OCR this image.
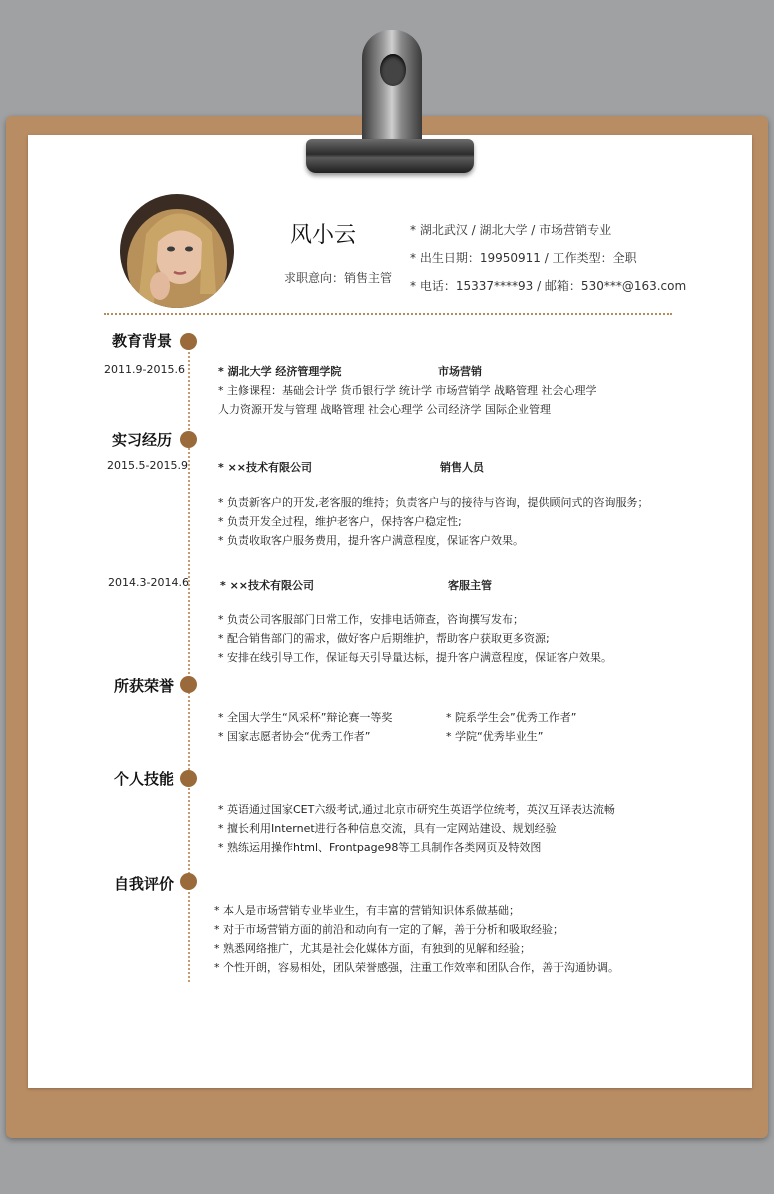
风小云
求职意向：销售主管
* 湖北武汉 / 湖北大学 / 市场营销专业
* 出生日期：19950911 / 工作类型：全职
* 电话：15337****93 / 邮箱：530***@163.com
教育背景
2011.9-2015.6	* 湖北大学 经济管理学院	市场营销
* 主修课程：基础会计学 货币银行学 统计学 市场营销学 战略管理 社会心理学
人力资源开发与管理 战略管理 社会心理学 公司经济学 国际企业管理
实习经历
2015.5-2015.9	* ××技术有限公司	销售人员
* 负责新客户的开发,老客服的维持；负责客户与的接待与咨询，提供顾问式的咨询服务；
* 负责开发全过程，维护老客户，保持客户稳定性;
* 负责收取客户服务费用，提升客户满意程度，保证客户效果。
2014.3-2014.6	* ××技术有限公司	客服主管
* 负责公司客服部门日常工作，安排电话筛查，咨询撰写发布；
* 配合销售部门的需求，做好客户后期维护，帮助客户获取更多资源;
* 安排在线引导工作，保证每天引导量达标，提升客户满意程度，保证客户效果。
所获荣誉
* 全国大学生“风采杯”辩论赛一等奖	* 院系学生会”优秀工作者”
* 国家志愿者协会“优秀工作者”	* 学院“优秀毕业生”
个人技能
* 英语通过国家CET六级考试,通过北京市研究生英语学位统考，英汉互译表达流畅
* 擅长利用Internet进行各种信息交流，具有一定网站建设、规划经验
* 熟练运用操作html、Frontpage98等工具制作各类网页及特效图
自我评价
* 本人是市场营销专业毕业生，有丰富的营销知识体系做基础；
* 对于市场营销方面的前沿和动向有一定的了解，善于分析和吸取经验；
* 熟悉网络推广，尤其是社会化媒体方面，有独到的见解和经验；
* 个性开朗，容易相处，团队荣誉感强，注重工作效率和团队合作，善于沟通协调。
